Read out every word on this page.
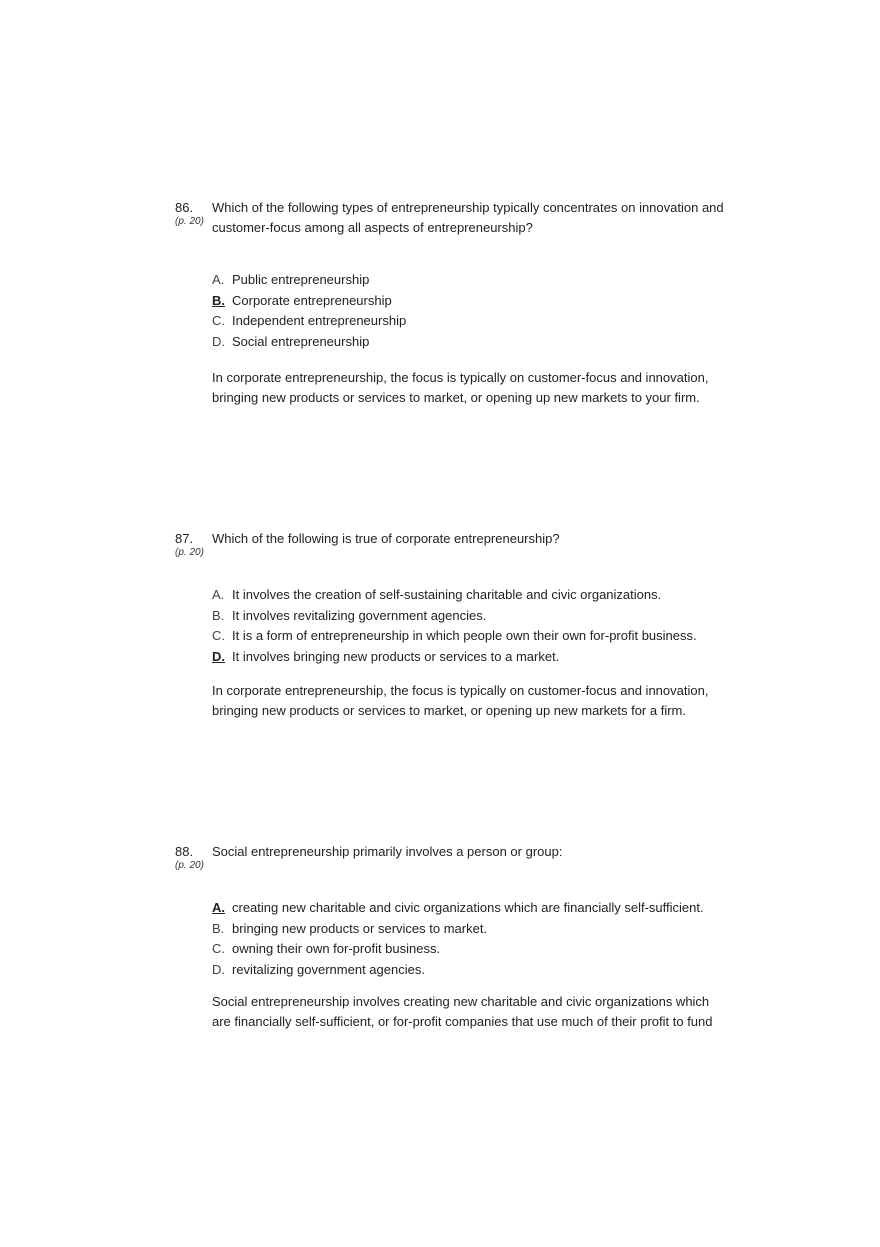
86.
(p. 20)
Which of the following types of entrepreneurship typically concentrates on innovation and customer-focus among all aspects of entrepreneurship?
A. Public entrepreneurship
B. Corporate entrepreneurship
C. Independent entrepreneurship
D. Social entrepreneurship
In corporate entrepreneurship, the focus is typically on customer-focus and innovation, bringing new products or services to market, or opening up new markets to your firm.
87.
(p. 20)
Which of the following is true of corporate entrepreneurship?
A. It involves the creation of self-sustaining charitable and civic organizations.
B. It involves revitalizing government agencies.
C. It is a form of entrepreneurship in which people own their own for-profit business.
D. It involves bringing new products or services to a market.
In corporate entrepreneurship, the focus is typically on customer-focus and innovation, bringing new products or services to market, or opening up new markets for a firm.
88.
(p. 20)
Social entrepreneurship primarily involves a person or group:
A. creating new charitable and civic organizations which are financially self-sufficient.
B. bringing new products or services to market.
C. owning their own for-profit business.
D. revitalizing government agencies.
Social entrepreneurship involves creating new charitable and civic organizations which are financially self-sufficient, or for-profit companies that use much of their profit to fund
